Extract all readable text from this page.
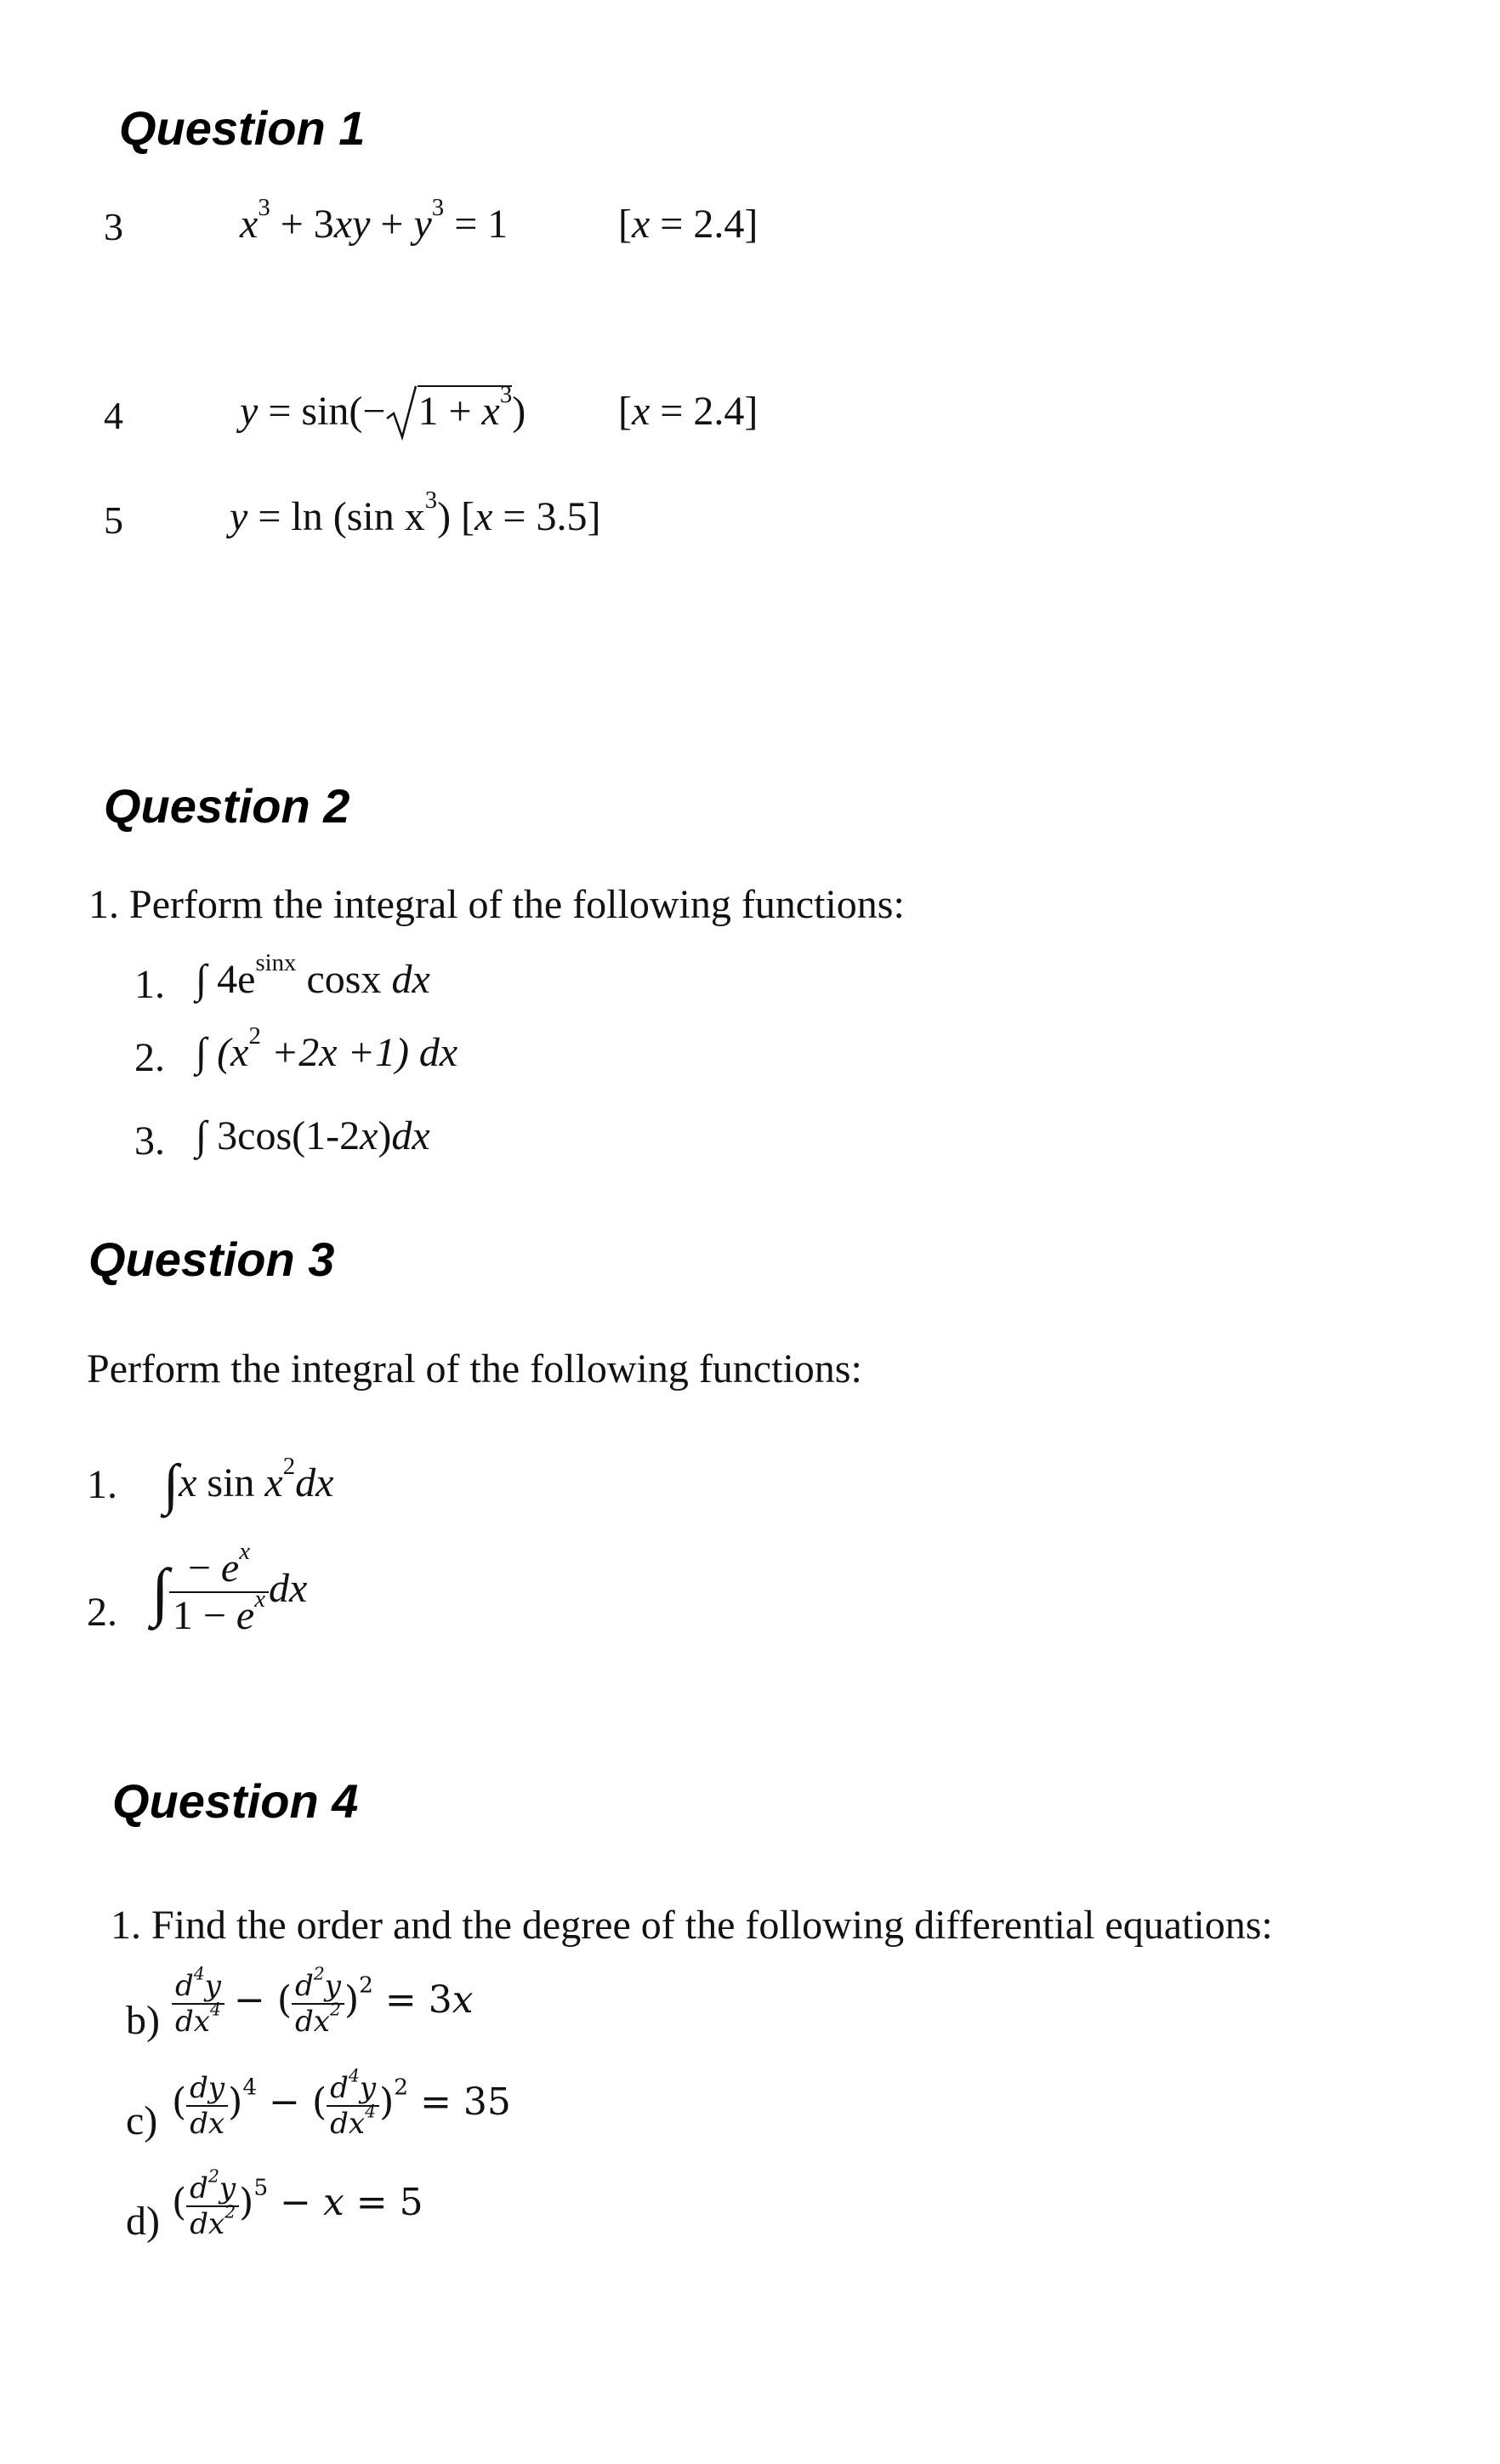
Question 1
3	$x^3 + 3xy + y^3 = 1$	[x = 2.4]
4	$y = \sin(- 1 + x^3)$ [x = 2.4]
5	y = ln (sin $x^3$) [x = 3.5]
Question 2
1. Perform the integral of the following functions:
1. ∫ $4e^{sinx}$ cosx dx
2. ∫ $(x^2 +2x +1)$ dx
3. ∫ 3cos(1-2x)dx
Question 3
Perform the integral of the following functions:
1. ∫x $\sin x^2dx$
2. ∫ $\frac{- e^x}{1 - e^x}$ dx
Question 4
1. Find the order and the degree of the following differential equations:
$b) \frac{d^4y}{dx^4}$ − ( $\frac{d^2y}{dx^2} )^2 = 3x$
c) ( $\frac{dy}{dx} )^4$ − ( $\frac{d^4y}{dx^4} )^2 = 35$
d) ( $\frac{d^2y}{dx^2} )^5 - x = 5$
